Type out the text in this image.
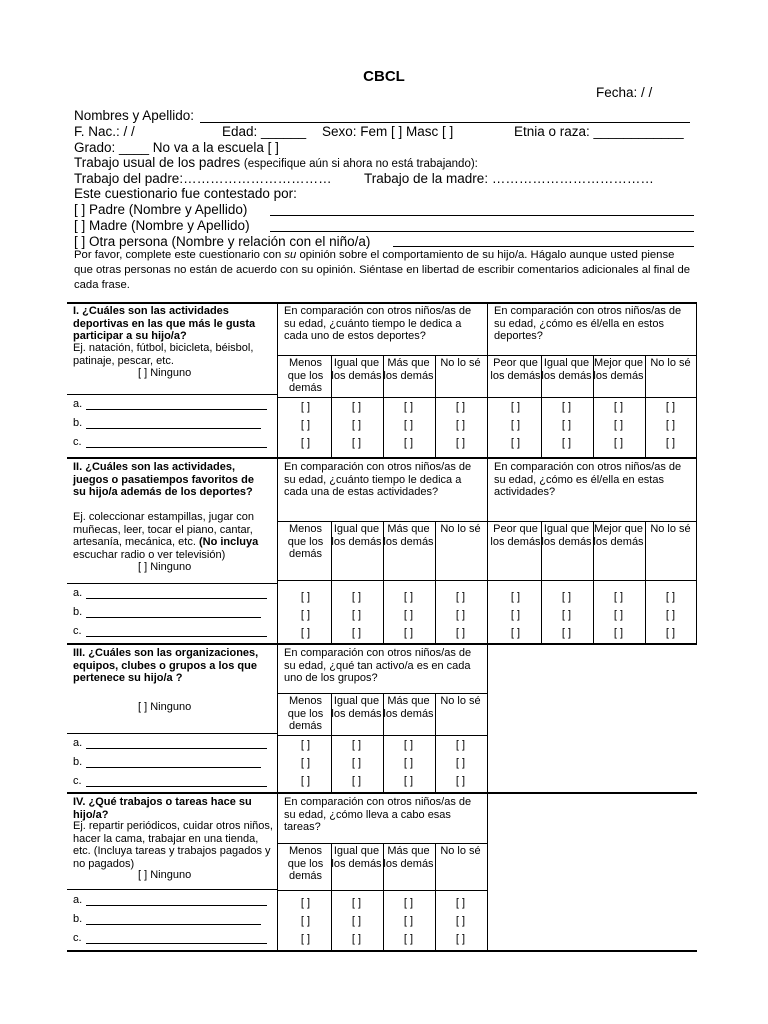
CBCL
Fecha: / /
Nombres y Apellido:
F. Nac.: / /	Edad: ______ Sexo: Fem [ ] Masc [ ]	Etnia o raza: ____________
Grado: ____ No va a la escuela [ ]
Trabajo usual de los padres (especifique aún si ahora no está trabajando):
Trabajo del padre:…………………………… Trabajo de la madre: ………………………………
Este cuestionario fue contestado por:
[ ] Padre (Nombre y Apellido)
[ ] Madre (Nombre y Apellido)
[ ] Otra persona (Nombre y relación con el niño/a)
Por favor, complete este cuestionario con su opinión sobre el comportamiento de su hijo/a. Hágalo aunque usted piense que otras personas no están de acuerdo con su opinión. Siéntase en libertad de escribir comentarios adicionales al final de cada frase.
I. ¿Cuáles son las actividades deportivas en las que más le gusta participar a su hijo/a?
Ej. natación, fútbol, bicicleta, béisbol, patinaje, pescar, etc.
[ ] Ninguno
a.
b.
c.
En comparación con otros niños/as de su edad, ¿cuánto tiempo le dedica a cada uno de estos deportes?
Menos que los demás
Igual que los demás
Más que los demás
No lo sé
[ ]	[ ]	[ ]	[ ]
[ ]	[ ]	[ ]	[ ]
[ ]	[ ]	[ ]	[ ]
En comparación con otros niños/as de su edad, ¿cómo es él/ella en estos deportes?
Peor que los demás
Igual que los demás
Mejor que los demás
No lo sé
[ ]	[ ]	[ ]	[ ]
[ ]	[ ]	[ ]	[ ]
[ ]	[ ]	[ ]	[ ]
II. ¿Cuáles son las actividades, juegos o pasatiempos favoritos de su hijo/a además de los deportes?
Ej. coleccionar estampillas, jugar con muñecas, leer, tocar el piano, cantar, artesanía, mecánica, etc. (No incluya escuchar radio o ver televisión)
[ ] Ninguno
a.
b.
c.
En comparación con otros niños/as de su edad, ¿cuánto tiempo le dedica a cada una de estas actividades?
Menos que los demás
Igual que los demás
Más que los demás
No lo sé
[ ]	[ ]	[ ]	[ ]
[ ]	[ ]	[ ]	[ ]
[ ]	[ ]	[ ]	[ ]
En comparación con otros niños/as de su edad, ¿cómo es él/ella en estas actividades?
Peor que los demás
Igual que los demás
Mejor que los demás
No lo sé
[ ]	[ ]	[ ]	[ ]
[ ]	[ ]	[ ]	[ ]
[ ]	[ ]	[ ]	[ ]
III. ¿Cuáles son las organizaciones, equipos, clubes o grupos a los que pertenece su hijo/a ?
[ ] Ninguno
a.
b.
c.
En comparación con otros niños/as de su edad, ¿qué tan activo/a es en cada uno de los grupos?
Menos que los demás
Igual que los demás
Más que los demás
No lo sé
[ ]	[ ]	[ ]	[ ]
[ ]	[ ]	[ ]	[ ]
[ ]	[ ]	[ ]	[ ]
IV. ¿Qué trabajos o tareas hace su hijo/a?
Ej. repartir periódicos, cuidar otros niños, hacer la cama, trabajar en una tienda, etc. (Incluya tareas y trabajos pagados y no pagados)
[ ] Ninguno
a.
b.
c.
En comparación con otros niños/as de su edad, ¿cómo lleva a cabo esas tareas?
Menos que los demás
Igual que los demás
Más que los demás
No lo sé
[ ]	[ ]	[ ]	[ ]
[ ]	[ ]	[ ]	[ ]
[ ]	[ ]	[ ]	[ ]
